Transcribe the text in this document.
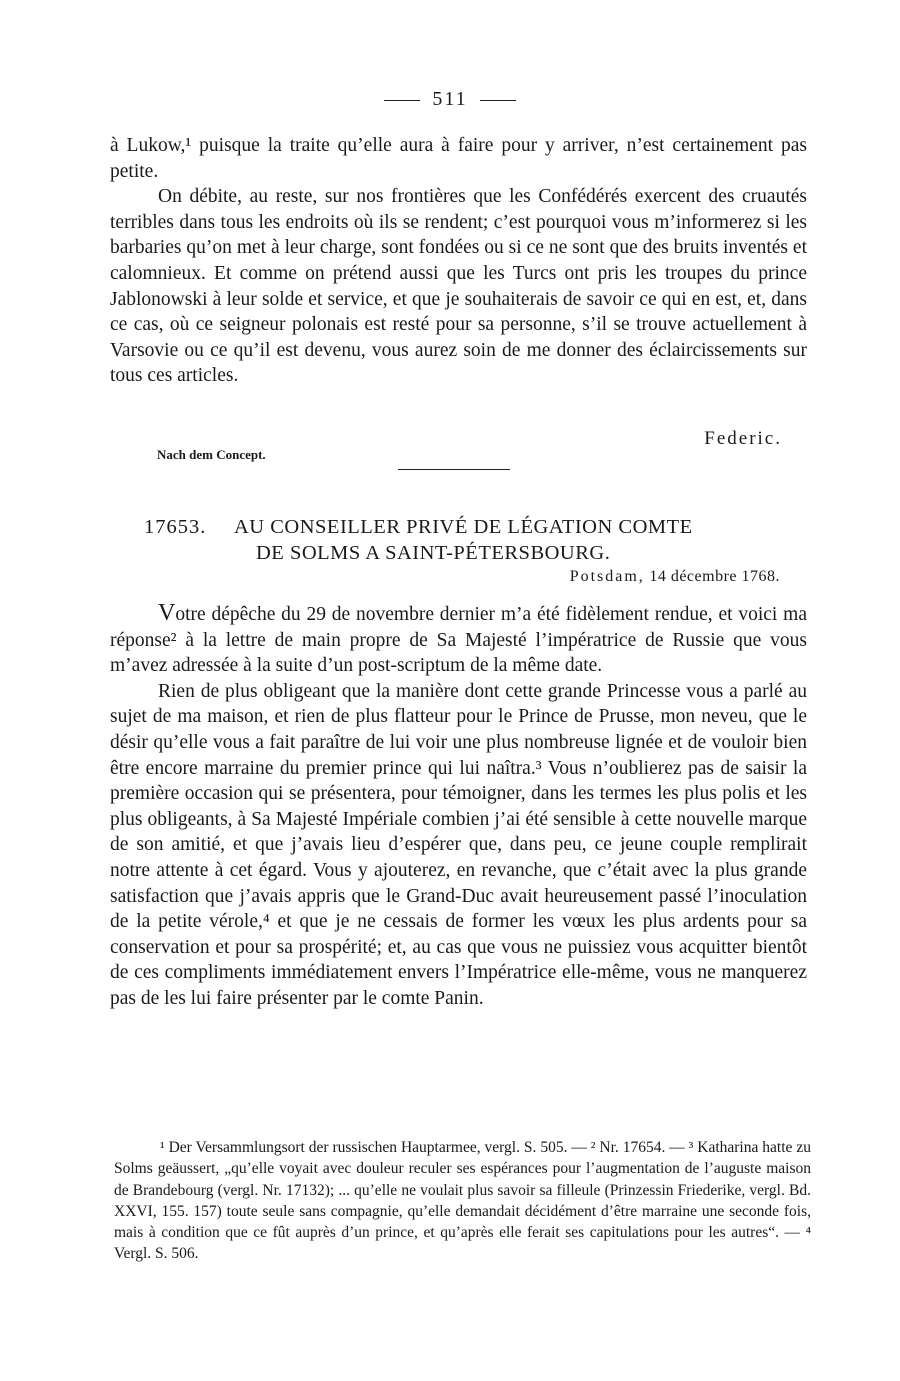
511

à Lukow,¹ puisque la traite qu’elle aura à faire pour y arriver, n’est certainement pas petite.

On débite, au reste, sur nos frontières que les Confédérés exercent des cruautés terribles dans tous les endroits où ils se rendent; c’est pourquoi vous m’informerez si les barbaries qu’on met à leur charge, sont fondées ou si ce ne sont que des bruits inventés et calomnieux. Et comme on prétend aussi que les Turcs ont pris les troupes du prince Jablonowski à leur solde et service, et que je souhaiterais de savoir ce qui en est, et, dans ce cas, où ce seigneur polonais est resté pour sa personne, s’il se trouve actuellement à Varsovie ou ce qu’il est devenu, vous aurez soin de me donner des éclaircissements sur tous ces articles.

Federic.
Nach dem Concept.
17653. AU CONSEILLER PRIVÉ DE LÉGATION COMTE
DE SOLMS A SAINT-PÉTERSBOURG.
Potsdam, 14 décembre 1768.

Votre dépêche du 29 de novembre dernier m’a été fidèlement rendue, et voici ma réponse² à la lettre de main propre de Sa Majesté l’impératrice de Russie que vous m’avez adressée à la suite d’un post-scriptum de la même date.

Rien de plus obligeant que la manière dont cette grande Princesse vous a parlé au sujet de ma maison, et rien de plus flatteur pour le Prince de Prusse, mon neveu, que le désir qu’elle vous a fait paraître de lui voir une plus nombreuse lignée et de vouloir bien être encore marraine du premier prince qui lui naîtra.³ Vous n’oublierez pas de saisir la première occasion qui se présentera, pour témoigner, dans les termes les plus polis et les plus obligeants, à Sa Majesté Impériale combien j’ai été sensible à cette nouvelle marque de son amitié, et que j’avais lieu d’espérer que, dans peu, ce jeune couple remplirait notre attente à cet égard. Vous y ajouterez, en revanche, que c’était avec la plus grande satisfaction que j’avais appris que le Grand-Duc avait heureusement passé l’inoculation de la petite vérole,⁴ et que je ne cessais de former les vœux les plus ardents pour sa conservation et pour sa prospérité; et, au cas que vous ne puissiez vous acquitter bientôt de ces compliments immédiatement envers l’Impératrice elle-même, vous ne manquerez pas de les lui faire présenter par le comte Panin.

¹ Der Versammlungsort der russischen Hauptarmee, vergl. S. 505. — ² Nr. 17654. — ³ Katharina hatte zu Solms geäussert, „qu’elle voyait avec douleur reculer ses espérances pour l’augmentation de l’auguste maison de Brandebourg (vergl. Nr. 17132); ... qu’elle ne voulait plus savoir sa filleule (Prinzessin Friederike, vergl. Bd. XXVI, 155. 157) toute seule sans compagnie, qu’elle demandait décidément d’être marraine une seconde fois, mais à condition que ce fût auprès d’un prince, et qu’après elle ferait ses capitulations pour les autres“. — ⁴ Vergl. S. 506.
